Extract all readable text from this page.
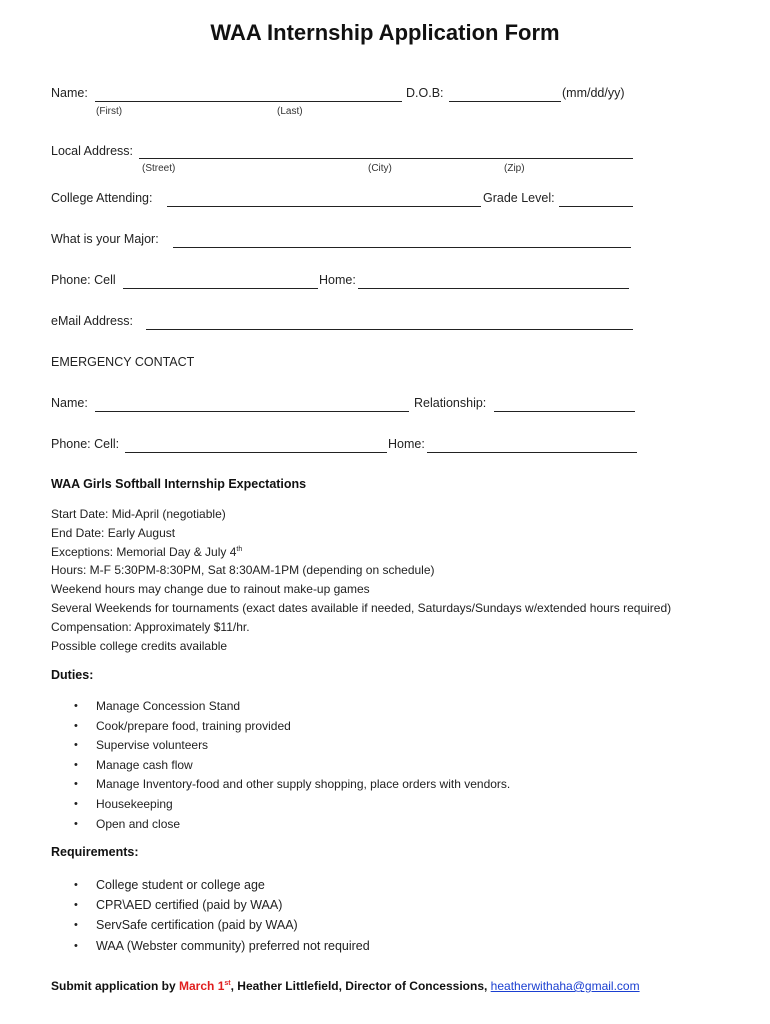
WAA Internship Application Form
Name:	D.O.B:	(mm/dd/yy)
(First)	(Last)
Local Address:
(Street)	(City)	(Zip)
College Attending:	Grade Level:
What is your Major:
Phone: Cell	Home:
eMail Address:
EMERGENCY CONTACT
Name:	Relationship:
Phone: Cell:	Home:
WAA Girls Softball Internship Expectations
Start Date: Mid-April (negotiable)
End Date: Early August
Exceptions: Memorial Day & July 4th
Hours: M-F 5:30PM-8:30PM, Sat 8:30AM-1PM (depending on schedule)
Weekend hours may change due to rainout make-up games
Several Weekends for tournaments (exact dates available if needed, Saturdays/Sundays w/extended hours required)
Compensation: Approximately $11/hr.
Possible college credits available
Duties:
• Manage Concession Stand
• Cook/prepare food, training provided
• Supervise volunteers
• Manage cash flow
• Manage Inventory-food and other supply shopping, place orders with vendors.
• Housekeeping
• Open and close
Requirements:
• College student or college age
• CPR\AED certified (paid by WAA)
• ServSafe certification (paid by WAA)
• WAA (Webster community) preferred not required
Submit application by March 1st, Heather Littlefield, Director of Concessions, heatherwithaha@gmail.com
